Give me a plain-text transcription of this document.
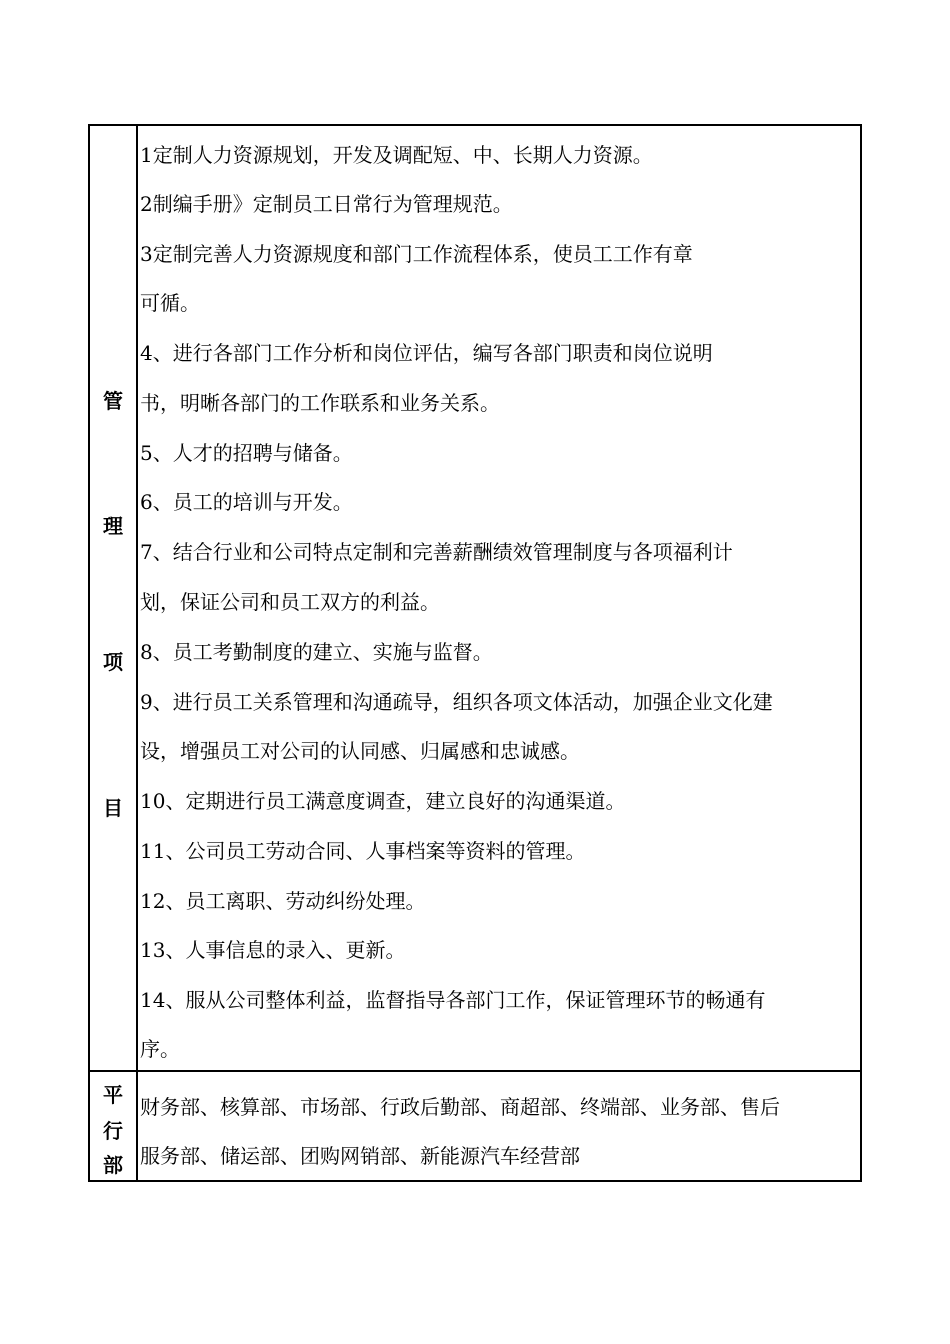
管
理
项
目
1定制人力资源规划，开发及调配短、中、长期人力资源。
2制编手册》定制员工日常行为管理规范。
3定制完善人力资源规度和部门工作流程体系，使员工工作有章
可循。
4、进行各部门工作分析和岗位评估，编写各部门职责和岗位说明
书，明晰各部门的工作联系和业务关系。
5、人才的招聘与储备。
6、员工的培训与开发。
7、结合行业和公司特点定制和完善薪酬绩效管理制度与各项福利计
划，保证公司和员工双方的利益。
8、员工考勤制度的建立、实施与监督。
9、进行员工关系管理和沟通疏导，组织各项文体活动，加强企业文化建
设，增强员工对公司的认同感、归属感和忠诚感。
10、定期进行员工满意度调查，建立良好的沟通渠道。
11、公司员工劳动合同、人事档案等资料的管理。
12、员工离职、劳动纠纷处理。
13、人事信息的录入、更新。
14、服从公司整体利益，监督指导各部门工作，保证管理环节的畅通有
序。
平
行
部
财务部、核算部、市场部、行政后勤部、商超部、终端部、业务部、售后
服务部、储运部、团购网销部、新能源汽车经营部
